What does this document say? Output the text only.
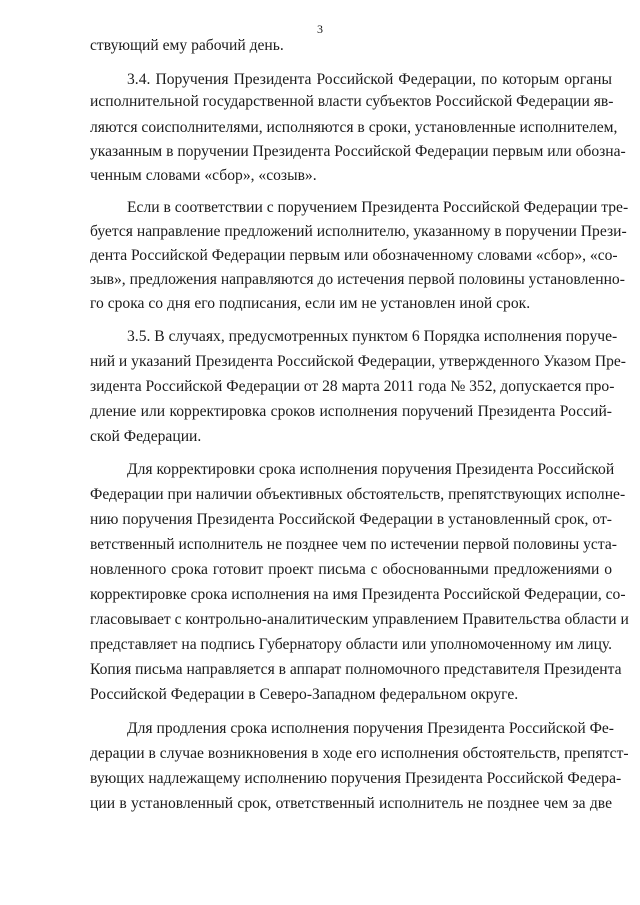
3
ствующий ему рабочий день.
3.4. Поручения Президента Российской Федерации, по которым органы
исполнительной государственной власти субъектов Российской Федерации яв-
ляются соисполнителями, исполняются в сроки, установленные исполнителем,
указанным в поручении Президента Российской Федерации первым или обозна-
ченным словами «сбор», «созыв».
Если в соответствии с поручением Президента Российской Федерации тре-
буется направление предложений исполнителю, указанному в поручении Прези-
дента Российской Федерации первым или обозначенному словами «сбор», «со-
зыв», предложения направляются до истечения первой половины установленно-
го срока со дня его подписания, если им не установлен иной срок.
3.5. В случаях, предусмотренных пунктом 6 Порядка исполнения поруче-
ний и указаний Президента Российской Федерации, утвержденного Указом Пре-
зидента Российской Федерации от 28 марта 2011 года № 352, допускается про-
дление или корректировка сроков исполнения поручений Президента Россий-
ской Федерации.
Для корректировки срока исполнения поручения Президента Российской
Федерации при наличии объективных обстоятельств, препятствующих исполне-
нию поручения Президента Российской Федерации в установленный срок, от-
ветственный исполнитель не позднее чем по истечении первой половины уста-
новленного срока готовит проект письма с обоснованными предложениями о
корректировке срока исполнения на имя Президента Российской Федерации, со-
гласовывает с контрольно-аналитическим управлением Правительства области и
представляет на подпись Губернатору области или уполномоченному им лицу.
Копия письма направляется в аппарат полномочного представителя Президента
Российской Федерации в Северо-Западном федеральном округе.
Для продления срока исполнения поручения Президента Российской Фе-
дерации в случае возникновения в ходе его исполнения обстоятельств, препятст-
вующих надлежащему исполнению поручения Президента Российской Федера-
ции в установленный срок, ответственный исполнитель не позднее чем за две
